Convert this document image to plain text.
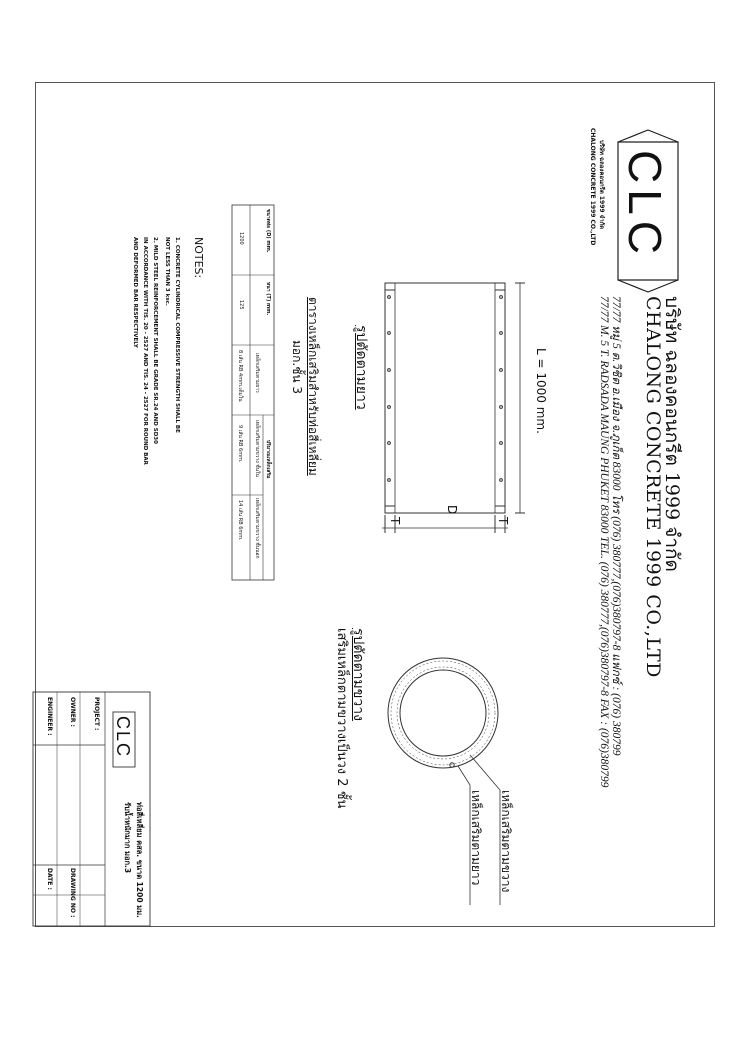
CLC
บริษัท ฉลองคอนกรีต 1999 จำกัด
CHALONG CONCRETE 1999 CO.,LTD
บริษัท ฉลองคอนกรีต 1999 จำกัด
CHALONG CONCRETE 1999 CO.,LTD
77/77 หมู่ 5 ต.วิชิต อ.เมือง จ.ภูเก็ต 83000 โทร (076) 380777,(076)380797-8 แฟกซ์ : (076) 380799
77/77 M. 5 T. RADSADA MAUNG PHUKET 83000 TEL. (076) 380777,(076)380797-8 FAX : (076)380799
L = 1000 mm.
D
T	T
รูปตัดตามยาว
รูปตัดตามขวาง
เสริมเหล็กตามขวางเป็นวง 2 ชั้น
เหล็กเสริมตามขวาง
เหล็กเสริมตามยาว
ตารางเหล็กเสริมสำหรับท่อสี่เหลี่ยม
มอก.ชั้น 3
ขนาดท่อ (D) mm.
หนา (T) mm.
ปริมาณเหล็กเสริม
เหล็กเสริมตามยาว
เหล็กเสริมตามขวาง ชั้นใน
เหล็กเสริมตามขวาง ชั้นนอก
1200
125
8 เส้น RB 4mm.เต็มใน
9 เส้น RB 6mm.
14 เส้น RB 6mm.
NOTES:
1. CONCRETE CYLINDRICAL COMPRESSIVE STRENGTH SHALL BE
NOT LESS THAN 3 ksc.
2. MILD STEEL REINFORCEMENT SHALL BE GRADE SR.24 AND SD30
IN ACCORDANCE WITH TIS. 20 - 2527 AND TIS. 24 - 2527 FOR ROUND BAR
AND DEFORMED BAR RESPECTIVELY
CLC
PROJECT :
OWNER :
ENGINEER :
ท่อสี่เหลี่ยม คสล. ขนาด 1200 มม.
รับน้ำหนักมาก มอก.3
DRAWING NO :
DATE :
